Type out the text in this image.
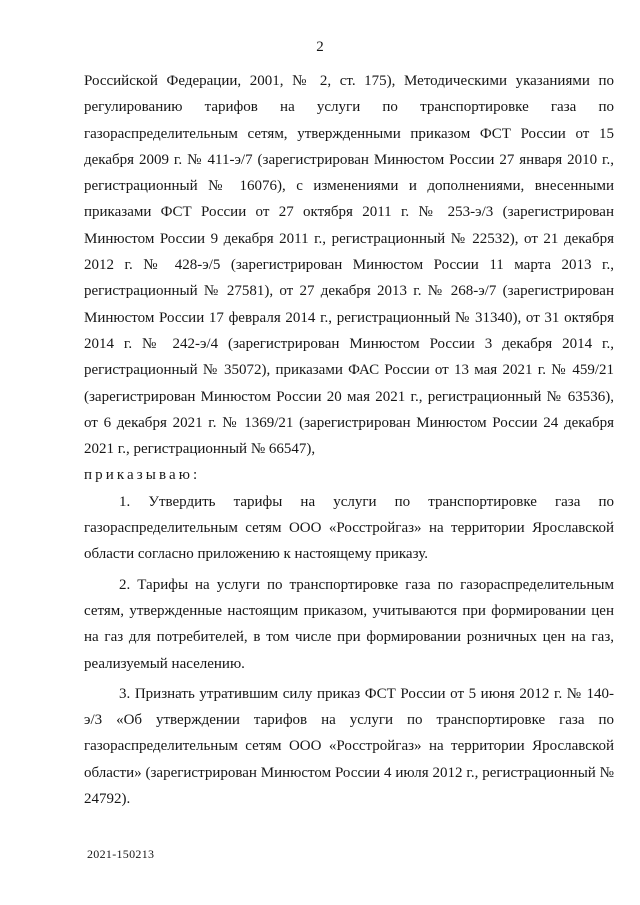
2

Российской Федерации, 2001, № 2, ст. 175), Методическими указаниями по регулированию тарифов на услуги по транспортировке газа по газораспределительным сетям, утвержденными приказом ФСТ России от 15 декабря 2009 г. № 411-э/7 (зарегистрирован Минюстом России 27 января 2010 г., регистрационный № 16076), с изменениями и дополнениями, внесенными приказами ФСТ России от 27 октября 2011 г. № 253-э/3 (зарегистрирован Минюстом России 9 декабря 2011 г., регистрационный № 22532), от 21 декабря 2012 г. № 428-э/5 (зарегистрирован Минюстом России 11 марта 2013 г., регистрационный № 27581), от 27 декабря 2013 г. № 268-э/7 (зарегистрирован Минюстом России 17 февраля 2014 г., регистрационный № 31340), от 31 октября 2014 г. № 242-э/4 (зарегистрирован Минюстом России 3 декабря 2014 г., регистрационный № 35072), приказами ФАС России от 13 мая 2021 г. № 459/21 (зарегистрирован Минюстом России 20 мая 2021 г., регистрационный № 63536), от 6 декабря 2021 г. № 1369/21 (зарегистрирован Минюстом России 24 декабря 2021 г., регистрационный № 66547),

приказываю:

1. Утвердить тарифы на услуги по транспортировке газа по газораспределительным сетям ООО «Росстройгаз» на территории Ярославской области согласно приложению к настоящему приказу.

2. Тарифы на услуги по транспортировке газа по газораспределительным сетям, утвержденные настоящим приказом, учитываются при формировании цен на газ для потребителей, в том числе при формировании розничных цен на газ, реализуемый населению.

3. Признать утратившим силу приказ ФСТ России от 5 июня 2012 г. № 140-э/3 «Об утверждении тарифов на услуги по транспортировке газа по газораспределительным сетям ООО «Росстройгаз» на территории Ярославской области» (зарегистрирован Минюстом России 4 июля 2012 г., регистрационный № 24792).

2021-150213
